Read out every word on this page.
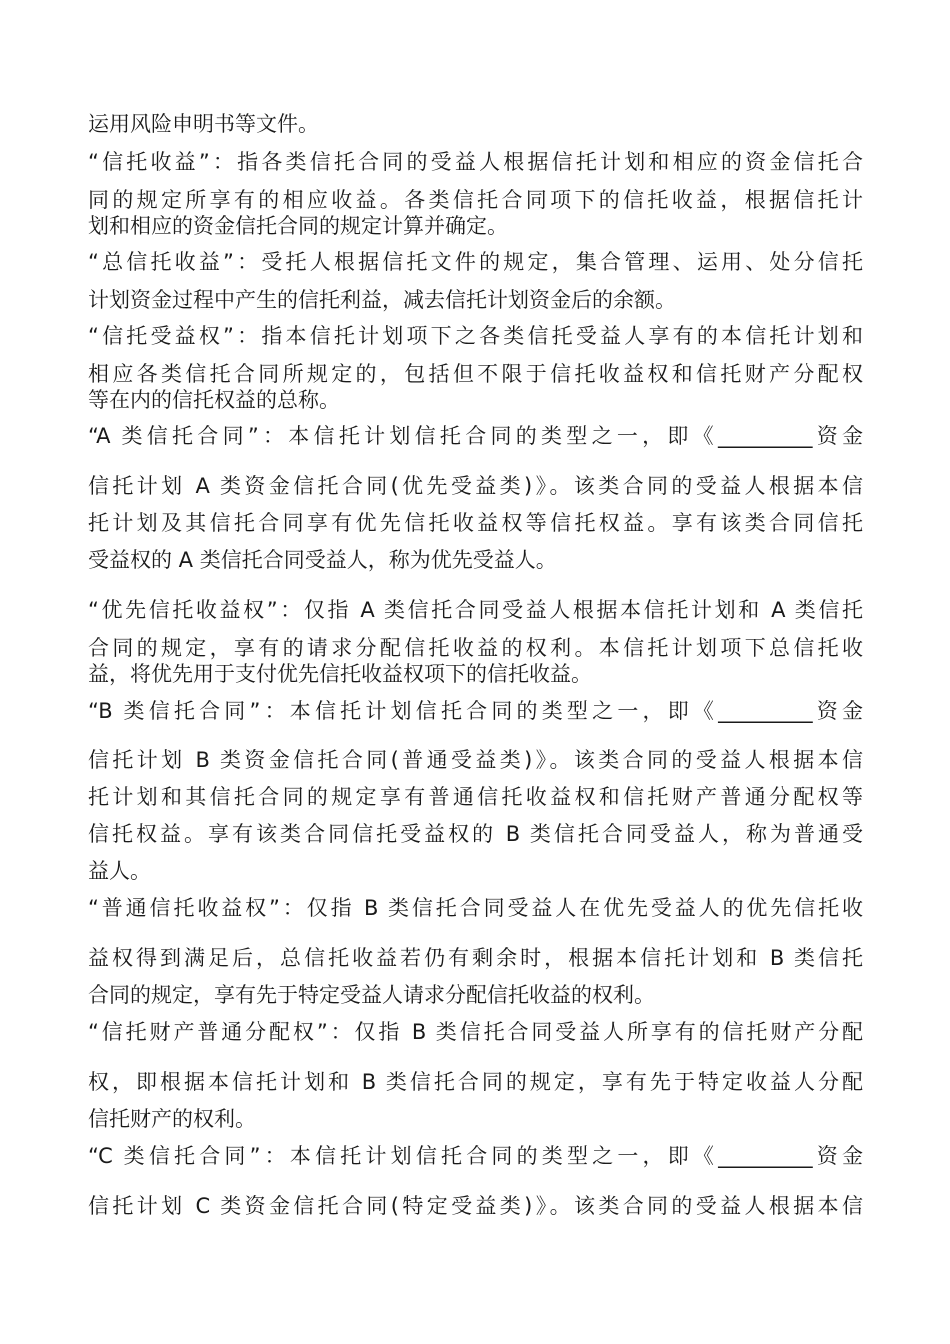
运用风险申明书等文件。
“信托收益”：指各类信托合同的受益人根据信托计划和相应的资金信托合
同的规定所享有的相应收益。各类信托合同项下的信托收益，根据信托计
划和相应的资金信托合同的规定计算并确定。
“总信托收益”：受托人根据信托文件的规定，集合管理、运用、处分信托
计划资金过程中产生的信托利益，减去信托计划资金后的余额。
“信托受益权”：指本信托计划项下之各类信托受益人享有的本信托计划和
相应各类信托合同所规定的，包括但不限于信托收益权和信托财产分配权
等在内的信托权益的总称。
“A 类信托合同”：本信托计划信托合同的类型之一，即《_________资金
信托计划 A 类资金信托合同(优先受益类)》。该类合同的受益人根据本信
托计划及其信托合同享有优先信托收益权等信托权益。享有该类合同信托
受益权的 A 类信托合同受益人，称为优先受益人。
“优先信托收益权”：仅指 A 类信托合同受益人根据本信托计划和 A 类信托
合同的规定，享有的请求分配信托收益的权利。本信托计划项下总信托收
益，将优先用于支付优先信托收益权项下的信托收益。
“B 类信托合同”：本信托计划信托合同的类型之一，即《_________资金
信托计划 B 类资金信托合同(普通受益类)》。该类合同的受益人根据本信
托计划和其信托合同的规定享有普通信托收益权和信托财产普通分配权等
信托权益。享有该类合同信托受益权的 B 类信托合同受益人，称为普通受
益人。
“普通信托收益权”：仅指 B 类信托合同受益人在优先受益人的优先信托收
益权得到满足后，总信托收益若仍有剩余时，根据本信托计划和 B 类信托
合同的规定，享有先于特定受益人请求分配信托收益的权利。
“信托财产普通分配权”：仅指 B 类信托合同受益人所享有的信托财产分配
权，即根据本信托计划和 B 类信托合同的规定，享有先于特定收益人分配
信托财产的权利。
“C 类信托合同”：本信托计划信托合同的类型之一，即《_________资金
信托计划 C 类资金信托合同(特定受益类)》。该类合同的受益人根据本信
